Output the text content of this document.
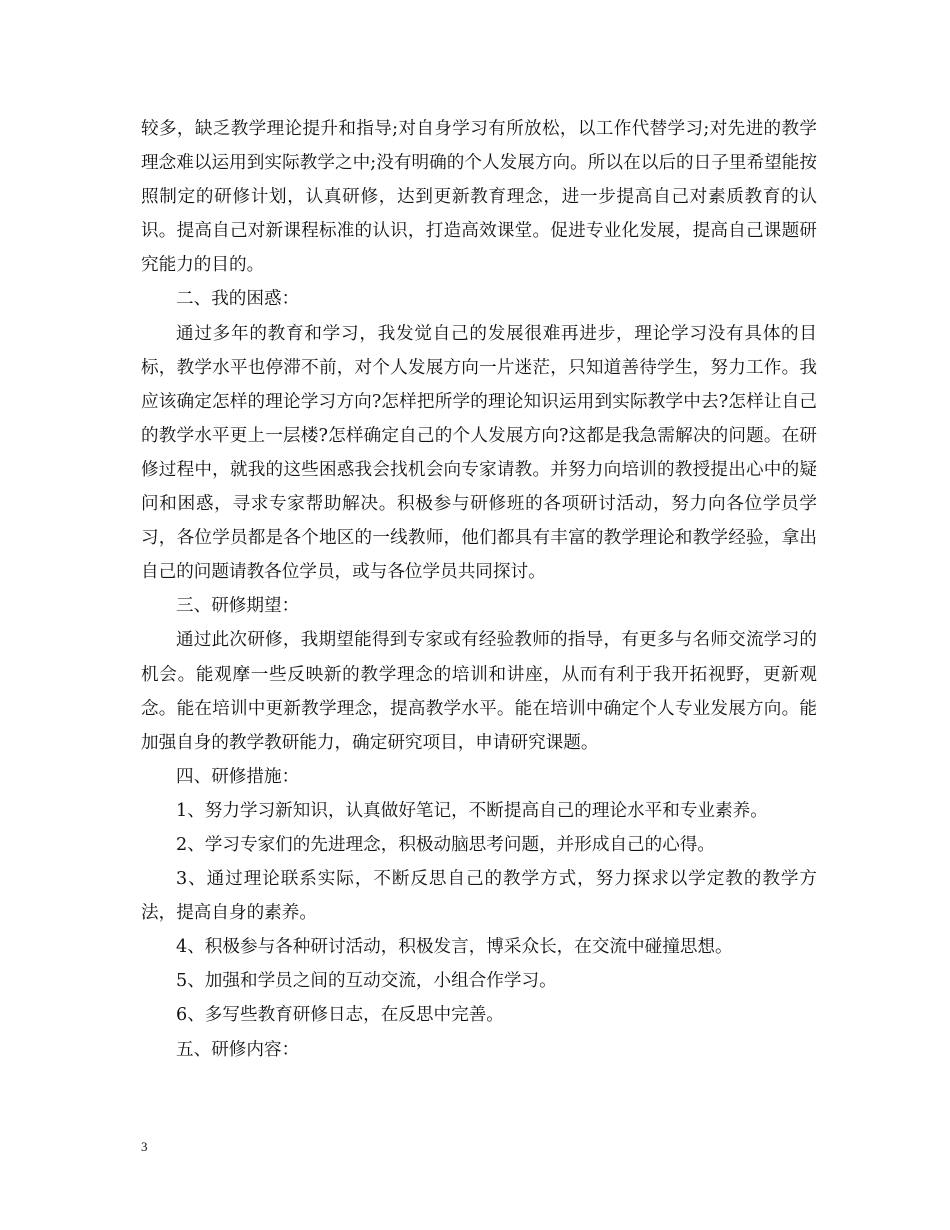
较多，缺乏教学理论提升和指导;对自身学习有所放松，以工作代替学习;对先进的教学理念难以运用到实际教学之中;没有明确的个人发展方向。所以在以后的日子里希望能按照制定的研修计划，认真研修，达到更新教育理念，进一步提高自己对素质教育的认识。提高自己对新课程标准的认识，打造高效课堂。促进专业化发展，提高自己课题研究能力的目的。

二、我的困惑：

通过多年的教育和学习，我发觉自己的发展很难再进步，理论学习没有具体的目标，教学水平也停滞不前，对个人发展方向一片迷茫，只知道善待学生，努力工作。我应该确定怎样的理论学习方向?怎样把所学的理论知识运用到实际教学中去?怎样让自己的教学水平更上一层楼?怎样确定自己的个人发展方向?这都是我急需解决的问题。在研修过程中，就我的这些困惑我会找机会向专家请教。并努力向培训的教授提出心中的疑问和困惑，寻求专家帮助解决。积极参与研修班的各项研讨活动，努力向各位学员学习，各位学员都是各个地区的一线教师，他们都具有丰富的教学理论和教学经验，拿出自己的问题请教各位学员，或与各位学员共同探讨。

三、研修期望：

通过此次研修，我期望能得到专家或有经验教师的指导，有更多与名师交流学习的机会。能观摩一些反映新的教学理念的培训和讲座，从而有利于我开拓视野，更新观念。能在培训中更新教学理念，提高教学水平。能在培训中确定个人专业发展方向。能加强自身的教学教研能力，确定研究项目，申请研究课题。

四、研修措施：

1、努力学习新知识，认真做好笔记，不断提高自己的理论水平和专业素养。

2、学习专家们的先进理念，积极动脑思考问题，并形成自己的心得。

3、通过理论联系实际，不断反思自己的教学方式，努力探求以学定教的教学方法，提高自身的素养。

4、积极参与各种研讨活动，积极发言，博采众长，在交流中碰撞思想。

5、加强和学员之间的互动交流，小组合作学习。

6、多写些教育研修日志，在反思中完善。

五、研修内容：

3
